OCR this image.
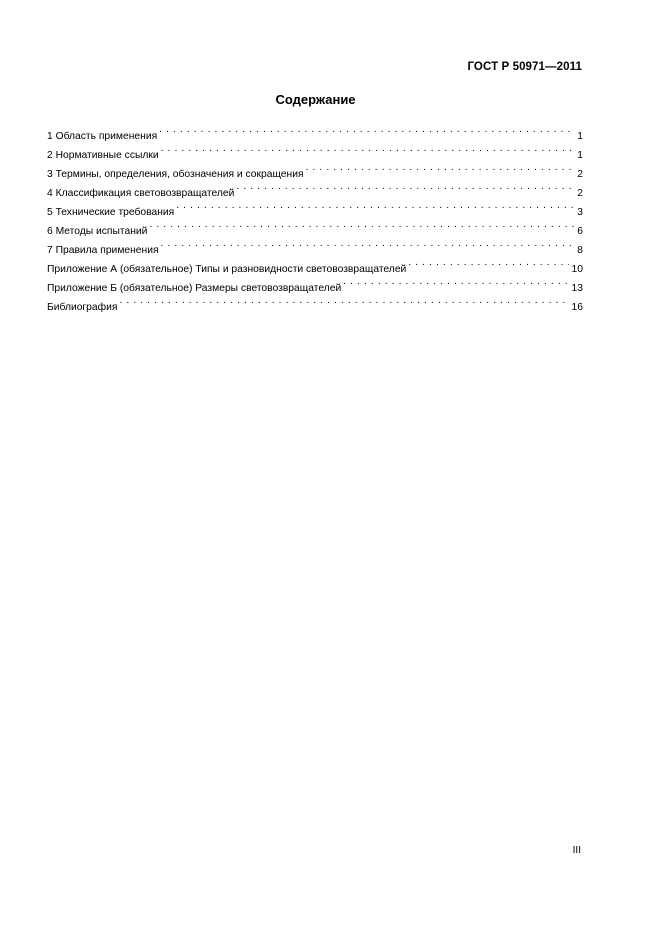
ГОСТ Р 50971—2011
Содержание
1 Область применения . . .	1
2 Нормативные ссылки . . .	1
3 Термины, определения, обозначения и сокращения . . .	2
4 Классификация световозвращателей . . .	2
5 Технические требования . . .	3
6 Методы испытаний . . .	6
7 Правила применения . . .	8
Приложение А (обязательное) Типы и разновидности световозвращателей . . .	10
Приложение Б (обязательное) Размеры световозвращателей . . .	13
Библиография . . .	16
III
